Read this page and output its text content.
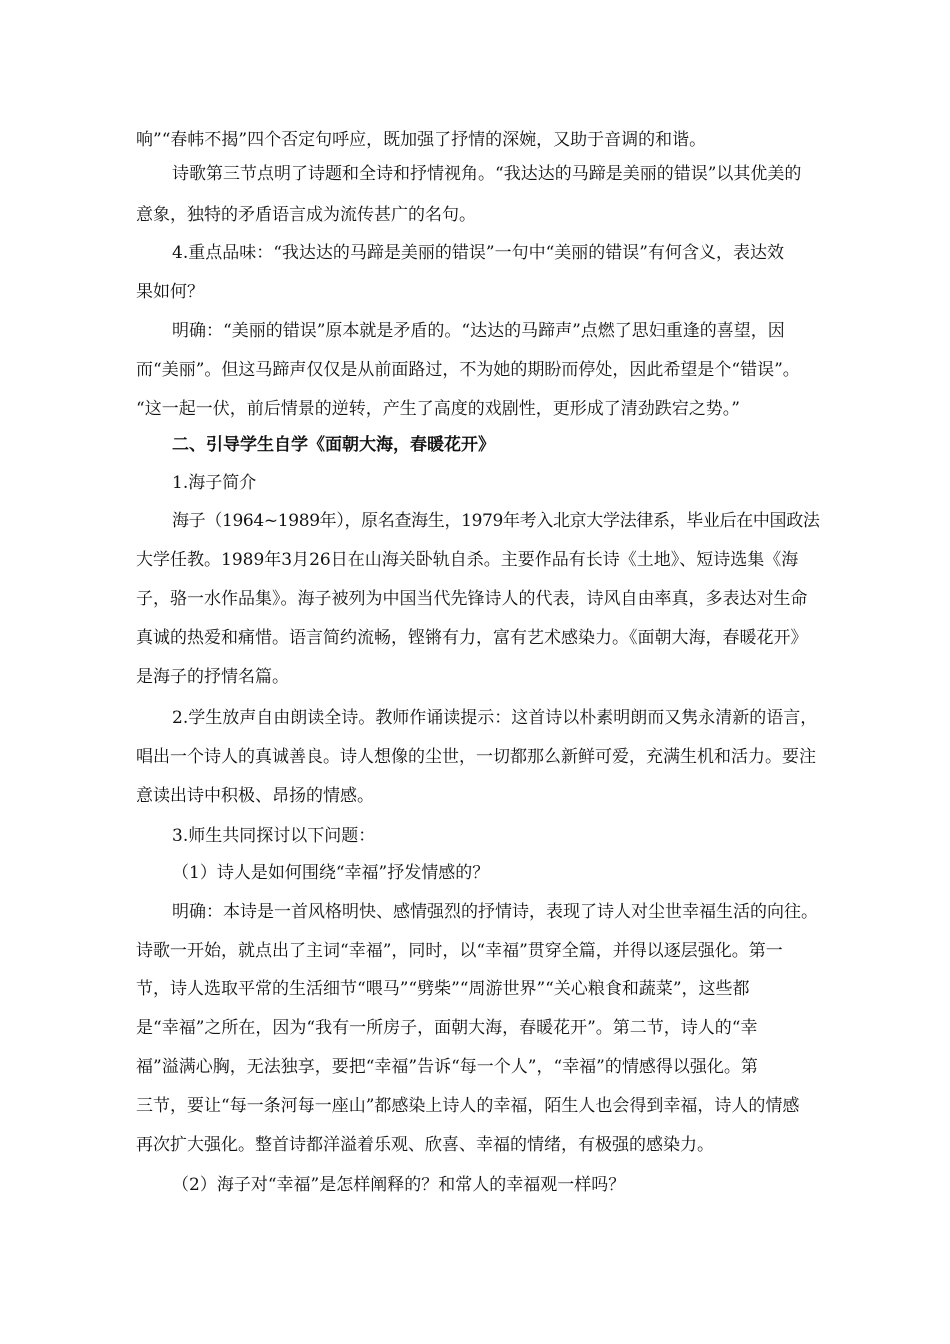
响”“春帏不揭”四个否定句呼应，既加强了抒情的深婉，又助于音调的和谐。
诗歌第三节点明了诗题和全诗和抒情视角。“我达达的马蹄是美丽的错误”以其优美的
意象，独特的矛盾语言成为流传甚广的名句。
4.重点品味：“我达达的马蹄是美丽的错误”一句中“美丽的错误”有何含义，表达效
果如何？
明确：“美丽的错误”原本就是矛盾的。“达达的马蹄声”点燃了思妇重逢的喜望，因
而“美丽”。但这马蹄声仅仅是从前面路过，不为她的期盼而停处，因此希望是个“错误”。
“这一起一伏，前后情景的逆转，产生了高度的戏剧性，更形成了清劲跌宕之势。”
二、引导学生自学《面朝大海，春暖花开》
1.海子简介
海子（1964~1989年），原名查海生，1979年考入北京大学法律系，毕业后在中国政法
大学任教。1989年3月26日在山海关卧轨自杀。主要作品有长诗《土地》、短诗选集《海
子，骆一水作品集》。海子被列为中国当代先锋诗人的代表，诗风自由率真，多表达对生命
真诚的热爱和痛惜。语言简约流畅，铿锵有力，富有艺术感染力。《面朝大海，春暖花开》
是海子的抒情名篇。
2.学生放声自由朗读全诗。教师作诵读提示：这首诗以朴素明朗而又隽永清新的语言，
唱出一个诗人的真诚善良。诗人想像的尘世，一切都那么新鲜可爱，充满生机和活力。要注
意读出诗中积极、昂扬的情感。
3.师生共同探讨以下问题：
（1）诗人是如何围绕“幸福”抒发情感的？
明确：本诗是一首风格明快、感情强烈的抒情诗，表现了诗人对尘世幸福生活的向往。
诗歌一开始，就点出了主词“幸福”，同时，以“幸福”贯穿全篇，并得以逐层强化。第一
节，诗人选取平常的生活细节“喂马”“劈柴”“周游世界”“关心粮食和蔬菜”，这些都
是“幸福”之所在，因为“我有一所房子，面朝大海，春暖花开”。第二节，诗人的“幸
福”溢满心胸，无法独享，要把“幸福”告诉“每一个人”，“幸福”的情感得以强化。第
三节，要让“每一条河每一座山”都感染上诗人的幸福，陌生人也会得到幸福，诗人的情感
再次扩大强化。整首诗都洋溢着乐观、欣喜、幸福的情绪，有极强的感染力。
（2）海子对“幸福”是怎样阐释的？和常人的幸福观一样吗？
